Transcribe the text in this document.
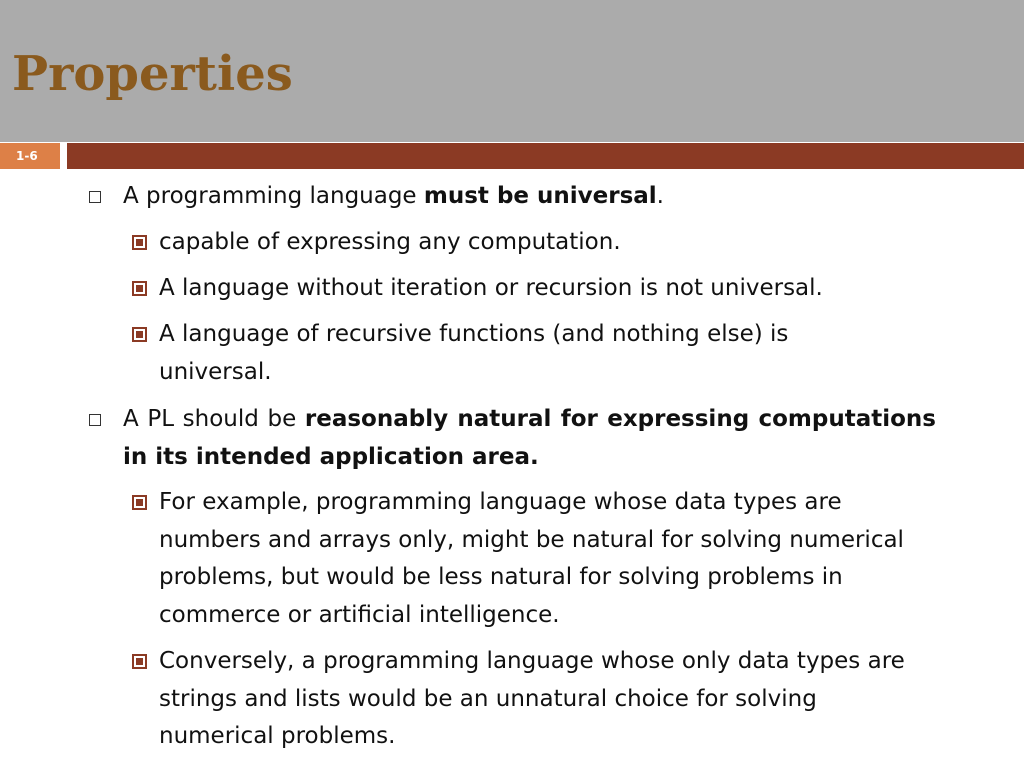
Properties
1-6

A programming language must be universal.

capable of expressing any computation.

A language without iteration or recursion is not universal.

A language of recursive functions (and nothing else) is universal.

A PL should be reasonably natural for expressing computations in its intended application area.

For example, programming language whose data types are numbers and arrays only, might be natural for solving numerical problems, but would be less natural for solving problems in commerce or artificial intelligence.

Conversely, a programming language whose only data types are strings and lists would be an unnatural choice for solving numerical problems.
